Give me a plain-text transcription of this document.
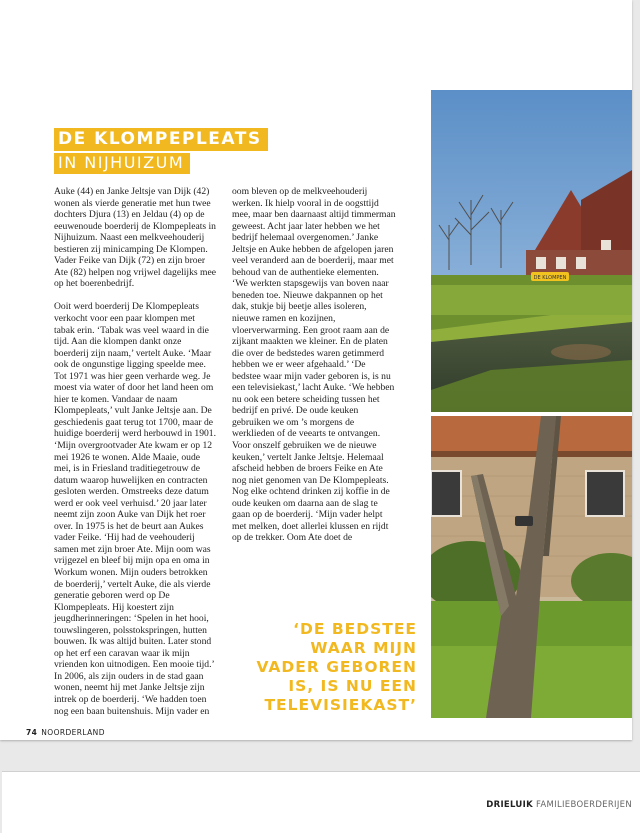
DE KLOMPEPLEATS
IN NIJHUIZUM

Auke (44) en Janke Jeltsje van Dijk (42) wonen als vierde generatie met hun twee dochters Djura (13) en Jeldau (4) op de eeuwenoude boerderij de Klompepleats in Nijhuizum. Naast een melkveehouderij bestieren zij minicamping De Klompen. Vader Feike van Dijk (72) en zijn broer Ate (82) helpen nog vrijwel dagelijks mee op het boerenbedrijf.

Ooit werd boerderij De Klompepleats verkocht voor een paar klompen met tabak erin. ‘Tabak was veel waard in die tijd. Aan die klompen dankt onze boerderij zijn naam,’ vertelt Auke. ‘Maar ook de ongunstige ligging speelde mee. Tot 1971 was hier geen verharde weg. Je moest via water of door het land heen om hier te komen. Vandaar de naam Klompepleats,’ vult Janke Jeltsje aan. De geschiedenis gaat terug tot 1700, maar de huidige boerderij werd herbouwd in 1901. ‘Mijn overgrootvader Ate kwam er op 12 mei 1926 te wonen. Alde Maaie, oude mei, is in Friesland traditiegetrouw de datum waarop huwelijken en contracten gesloten werden. Omstreeks deze datum werd er ook veel verhuisd.’ 20 jaar later neemt zijn zoon Auke van Dijk het roer over. In 1975 is het de beurt aan Aukes vader Feike. ‘Hij had de veehouderij samen met zijn broer Ate. Mijn oom was vrijgezel en bleef bij mijn opa en oma in Workum wonen. Mijn ouders betrokken de boerderij,’ vertelt Auke, die als vierde generatie geboren werd op De Klompepleats. Hij koestert zijn jeugdherinneringen: ‘Spelen in het hooi, touwslingeren, polsstokspringen, hutten bouwen. Ik was altijd buiten. Later stond op het erf een caravan waar ik mijn vrienden kon uitnodigen. Een mooie tijd.’ In 2006, als zijn ouders in de stad gaan wonen, neemt hij met Janke Jeltsje zijn intrek op de boerderij. ‘We hadden toen nog een baan buitenshuis. Mijn vader en

oom bleven op de melkveehouderij werken. Ik hielp vooral in de oogsttijd mee, maar ben daarnaast altijd timmerman geweest. Acht jaar later hebben we het bedrijf helemaal overgenomen.’ Janke Jeltsje en Auke hebben de afgelopen jaren veel veranderd aan de boerderij, maar met behoud van de authentieke elementen. ‘We werkten stapsgewijs van boven naar beneden toe. Nieuwe dakpannen op het dak, stukje bij beetje alles isoleren, nieuwe ramen en kozijnen, vloerverwarming. Een groot raam aan de zijkant maakten we kleiner. En de platen die over de bedstedes waren getimmerd hebben we er weer afgehaald.’ ‘De bedstee waar mijn vader geboren is, is nu een televisiekast,’ lacht Auke. ‘We hebben nu ook een betere scheiding tussen het bedrijf en privé. De oude keuken gebruiken we om ’s morgens de werklieden of de veearts te ontvangen. Voor onszelf gebruiken we de nieuwe keuken,’ vertelt Janke Jeltsje. Helemaal afscheid hebben de broers Feike en Ate nog niet genomen van De Klompepleats. Nog elke ochtend drinken zij koffie in de oude keuken om daarna aan de slag te gaan op de boerderij. ‘Mijn vader helpt met melken, doet allerlei klussen en rijdt op de trekker. Oom Ate doet de

‘DE BEDSTEE
WAAR MIJN
VADER GEBOREN
IS, IS NU EEN
TELEVISIEKAST’
DE KLOMPEN
74 NOORDERLAND
DRIELUIK FAMILIEBOERDERIJEN
